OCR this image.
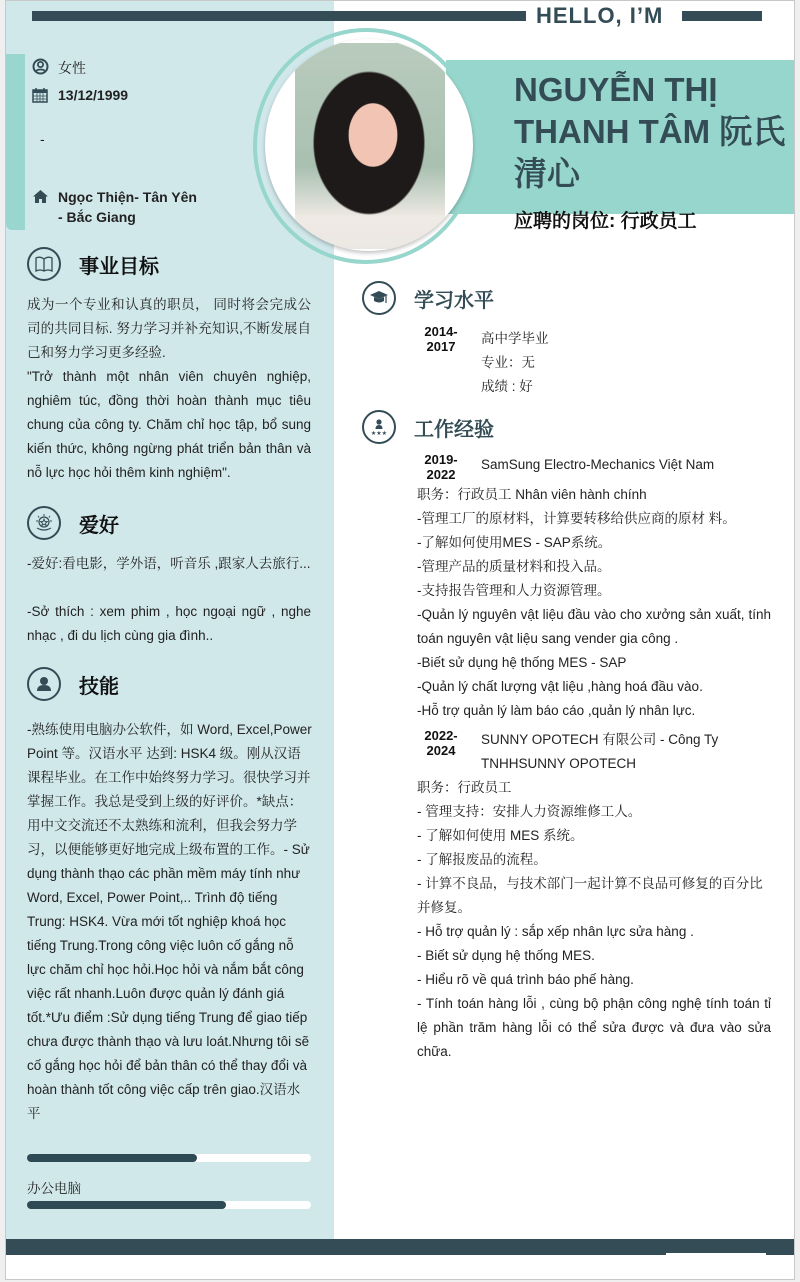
HELLO, I’M
NGUYỄN THỊ THANH TÂM 阮氏清心
应聘的岗位: 行政员工
女性
13/12/1999
-
Ngọc Thiện- Tân Yên
- Bắc Giang
事业目标
成为一个专业和认真的职员， 同时将会完成公司的共同目标. 努力学习并补充知识,不断发展自己和努力学习更多经验.
"Trở thành một nhân viên chuyên nghiệp, nghiêm túc, đồng thời hoàn thành mục tiêu chung của công ty. Chăm chỉ học tập, bổ sung kiến thức, không ngừng phát triển bản thân và nỗ lực học hỏi thêm kinh nghiệm".
爱好
-爱好:看电影，学外语，听音乐 ,跟家人去旅行...
-Sở thích : xem phim , học ngoại ngữ , nghe nhạc , đi du lịch cùng gia đình..
技能
-熟练使用电脑办公软件，如 Word, Excel,Power Point 等。汉语水平 达到: HSK4 级。刚从汉语课程毕业。在工作中始终努力学习。很快学习并掌握工作。我总是受到上级的好评价。*缺点： 用中文交流还不太熟练和流利，但我会努力学习，以便能够更好地完成上级布置的工作。- Sử dụng thành thạo các phần mềm máy tính như Word, Excel, Power Point,.. Trình độ tiếng Trung: HSK4. Vừa mới tốt nghiệp khoá học tiếng Trung.Trong công việc luôn cố gắng nỗ lực chăm chỉ học hỏi.Học hỏi và nắm bắt công việc rất nhanh.Luôn được quản lý đánh giá tốt.*Ưu điểm :Sử dụng tiếng Trung để giao tiếp chưa được thành thạo và lưu loát.Nhưng tôi sẽ cố gắng học hỏi để bản thân có thể thay đổi và hoàn thành tốt công việc cấp trên giao.汉语水平
办公电脑
学习水平
2014-
2017
高中学毕业
专业：无
成绩 : 好
★★★ 工作经验
2019-
2022
SamSung Electro-Mechanics Việt Nam
职务：行政员工 Nhân viên hành chính
-管理工厂的原材料，计算要转移给供应商的原材 料。
-了解如何使用MES - SAP系统。
-管理产品的质量材料和投入品。
-支持报告管理和人力资源管理。
-Quản lý nguyên vật liệu đầu vào cho xưởng sản xuất, tính toán nguyên vật liệu sang vender gia công .
-Biết sử dụng hệ thống MES - SAP
-Quản lý chất lượng vật liệu ,hàng hoá đầu vào.
-Hỗ trợ quản lý làm báo cáo ,quản lý nhân lực.
2022-
2024
SUNNY OPOTECH 有限公司 - Công Ty TNHHSUNNY OPOTECH
职务：行政员工
- 管理支持：安排人力资源维修工人。
- 了解如何使用 MES 系统。
- 了解报废品的流程。
- 计算不良品，与技术部门一起计算不良品可修复的百分比并修复。
- Hỗ trợ quản lý : sắp xếp nhân lực sửa hàng .
- Biết sử dụng hệ thống MES.
- Hiểu rõ về quá trình báo phế hàng.
- Tính toán hàng lỗi , cùng bộ phận công nghệ tính toán tỉ lệ phần trăm hàng lỗi có thể sửa được và đưa vào sửa chữa.
